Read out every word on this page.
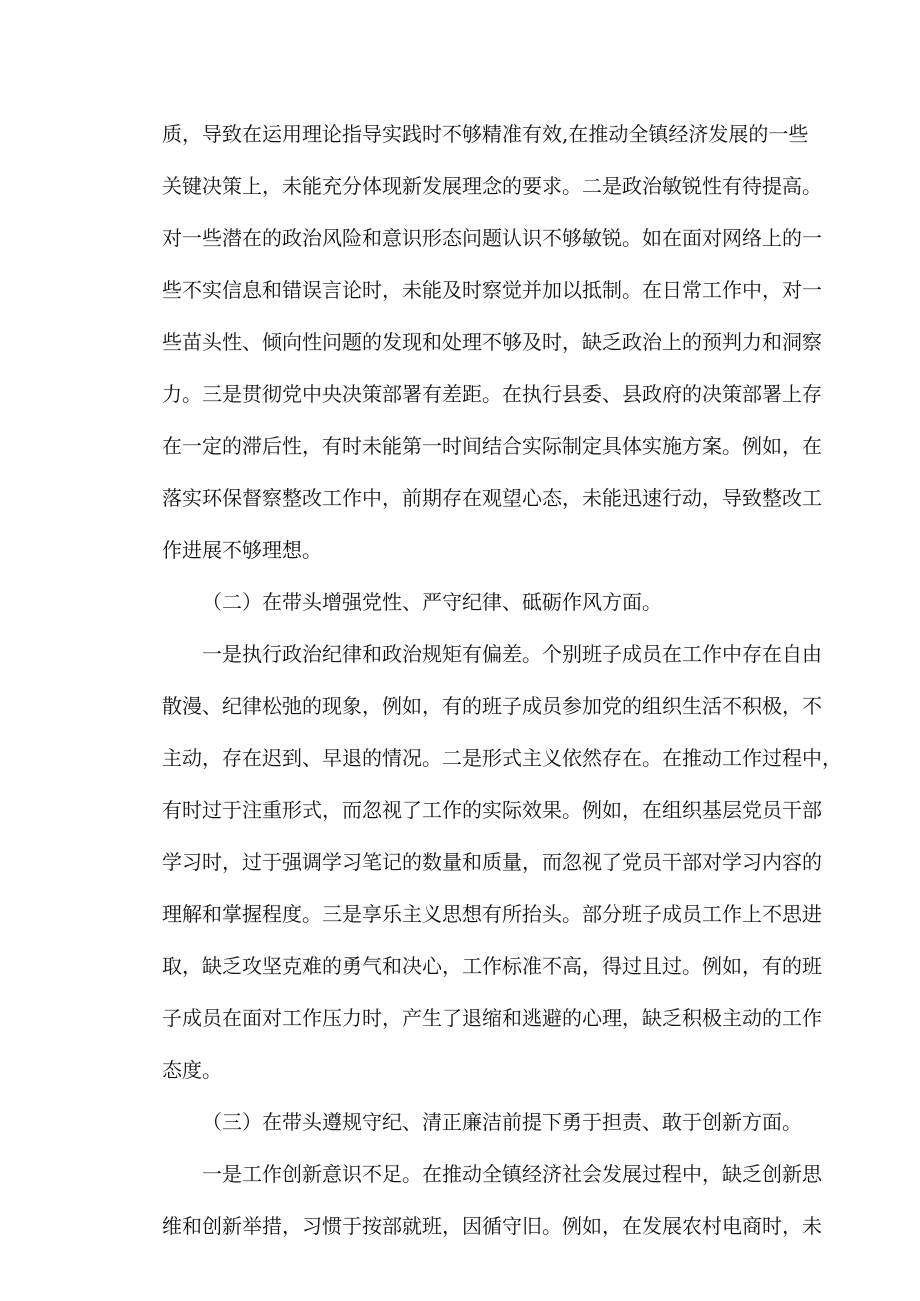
质，导致在运用理论指导实践时不够精准有效,在推动全镇经济发展的一些

关键决策上，未能充分体现新发展理念的要求。二是政治敏锐性有待提高。

对一些潜在的政治风险和意识形态问题认识不够敏锐。如在面对网络上的一

些不实信息和错误言论时，未能及时察觉并加以抵制。在日常工作中，对一

些苗头性、倾向性问题的发现和处理不够及时，缺乏政治上的预判力和洞察

力。三是贯彻党中央决策部署有差距。在执行县委、县政府的决策部署上存

在一定的滞后性，有时未能第一时间结合实际制定具体实施方案。例如，在

落实环保督察整改工作中，前期存在观望心态，未能迅速行动，导致整改工

作进展不够理想。

（二）在带头增强党性、严守纪律、砥砺作风方面。

一是执行政治纪律和政治规矩有偏差。个别班子成员在工作中存在自由

散漫、纪律松弛的现象，例如，有的班子成员参加党的组织生活不积极，不

主动，存在迟到、早退的情况。二是形式主义依然存在。在推动工作过程中，

有时过于注重形式，而忽视了工作的实际效果。例如，在组织基层党员干部

学习时，过于强调学习笔记的数量和质量，而忽视了党员干部对学习内容的

理解和掌握程度。三是享乐主义思想有所抬头。部分班子成员工作上不思进

取，缺乏攻坚克难的勇气和决心，工作标准不高，得过且过。例如，有的班

子成员在面对工作压力时，产生了退缩和逃避的心理，缺乏积极主动的工作

态度。

（三）在带头遵规守纪、清正廉洁前提下勇于担责、敢于创新方面。

一是工作创新意识不足。在推动全镇经济社会发展过程中，缺乏创新思

维和创新举措，习惯于按部就班，因循守旧。例如，在发展农村电商时，未
